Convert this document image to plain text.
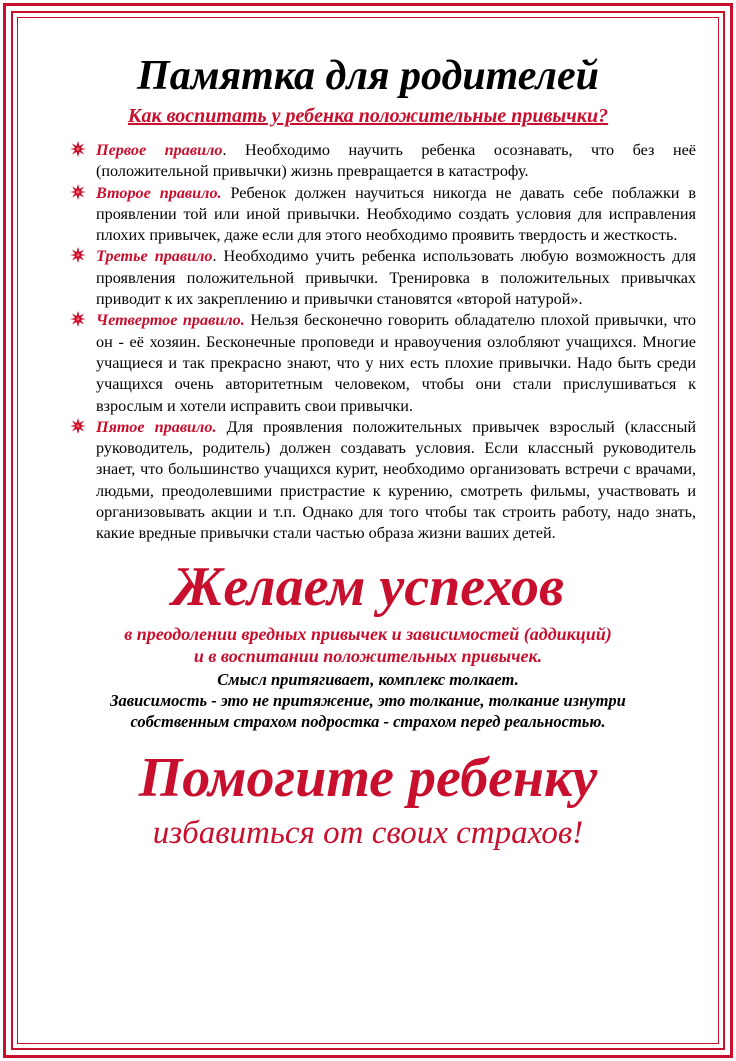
Памятка для родителей
Как воспитать у ребенка положительные привычки?
Первое правило. Необходимо научить ребенка осознавать, что без неё (положительной привычки) жизнь превращается в катастрофу.
Второе правило. Ребенок должен научиться никогда не давать себе поблажки в проявлении той или иной привычки. Необходимо создать условия для исправления плохих привычек, даже если для этого необходимо проявить твердость и жесткость.
Третье правило. Необходимо учить ребенка использовать любую возможность для проявления положительной привычки. Тренировка в положительных привычках приводит к их закреплению и привычки становятся «второй натурой».
Четвертое правило. Нельзя бесконечно говорить обладателю плохой привычки, что он - её хозяин. Бесконечные проповеди и нравоучения озлобляют учащихся. Многие учащиеся и так прекрасно знают, что у них есть плохие привычки. Надо быть среди учащихся очень авторитетным человеком, чтобы они стали прислушиваться к взрослым и хотели исправить свои привычки.
Пятое правило. Для проявления положительных привычек взрослый (классный руководитель, родитель) должен создавать условия. Если классный руководитель знает, что большинство учащихся курит, необходимо организовать встречи с врачами, людьми, преодолевшими пристрастие к курению, смотреть фильмы, участвовать и организовывать акции и т.п. Однако для того чтобы так строить работу, надо знать, какие вредные привычки стали частью образа жизни ваших детей.
Желаем успехов

в преодолении вредных привычек и зависимостей (аддикций)

и в воспитании положительных привычек.

Смысл притягивает, комплекс толкает.

Зависимость - это не притяжение, это толкание, толкание изнутри

собственным страхом подростка - страхом перед реальностью.

Помогите ребенку

избавиться от своих страхов!
